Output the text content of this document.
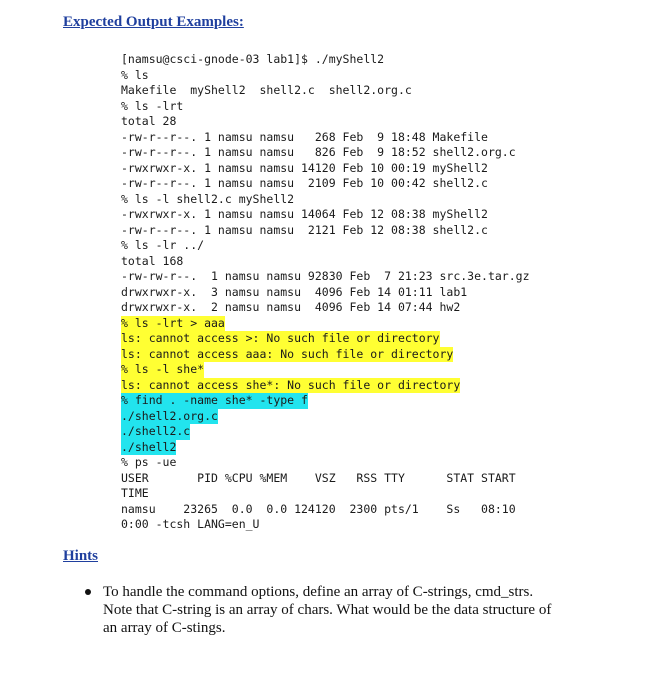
Expected Output Examples:
[namsu@csci-gnode-03 lab1]$ ./myShell2
% ls
Makefile  myShell2  shell2.c  shell2.org.c
% ls -lrt
total 28
-rw-r--r--. 1 namsu namsu   268 Feb  9 18:48 Makefile
-rw-r--r--. 1 namsu namsu   826 Feb  9 18:52 shell2.org.c
-rwxrwxr-x. 1 namsu namsu 14120 Feb 10 00:19 myShell2
-rw-r--r--. 1 namsu namsu  2109 Feb 10 00:42 shell2.c
% ls -l shell2.c myShell2
-rwxrwxr-x. 1 namsu namsu 14064 Feb 12 08:38 myShell2
-rw-r--r--. 1 namsu namsu  2121 Feb 12 08:38 shell2.c
% ls -lr ../
total 168
-rw-rw-r--.  1 namsu namsu 92830 Feb  7 21:23 src.3e.tar.gz
drwxrwxr-x.  3 namsu namsu  4096 Feb 14 01:11 lab1
drwxrwxr-x.  2 namsu namsu  4096 Feb 14 07:44 hw2
% ls -lrt > aaa
ls: cannot access >: No such file or directory
ls: cannot access aaa: No such file or directory
% ls -l she*
ls: cannot access she*: No such file or directory
% find . -name she* -type f
./shell2.org.c
./shell2.c
./shell2
% ps -ue
USER       PID %CPU %MEM    VSZ   RSS TTY      STAT START
TIME
namsu    23265  0.0  0.0 124120  2300 pts/1    Ss   08:10
0:00 -tcsh LANG=en_U
Hints
To handle the command options, define an array of C-strings, cmd_strs. Note that C-string is an array of chars. What would be the data structure of an array of C-stings.
